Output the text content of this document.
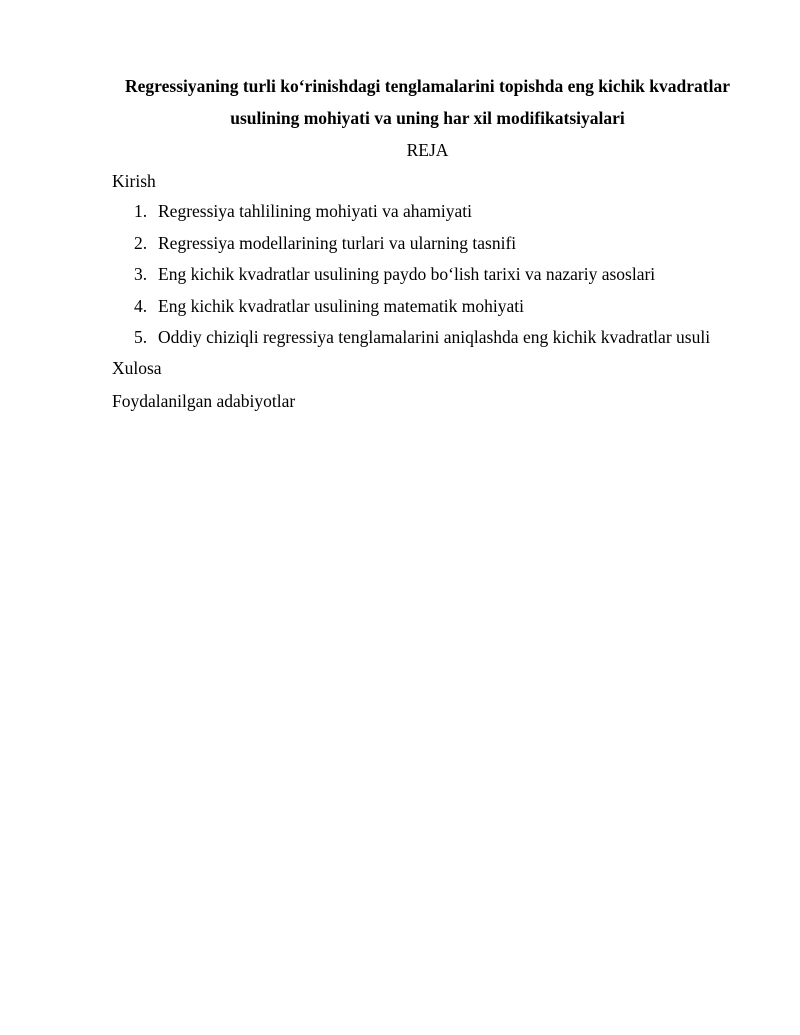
Regressiyaning turli koʻrinishdagi tenglamalarini topishda eng kichik kvadratlar
usulining mohiyati va uning har xil modifikatsiyalari

REJA

Kirish

1. Regressiya tahlilining mohiyati va ahamiyati
2. Regressiya modellarining turlari va ularning tasnifi
3. Eng kichik kvadratlar usulining paydo boʻlish tarixi va nazariy asoslari
4. Eng kichik kvadratlar usulining matematik mohiyati
5. Oddiy chiziqli regressiya tenglamalarini aniqlashda eng kichik kvadratlar usuli

Xulosa

Foydalanilgan adabiyotlar
